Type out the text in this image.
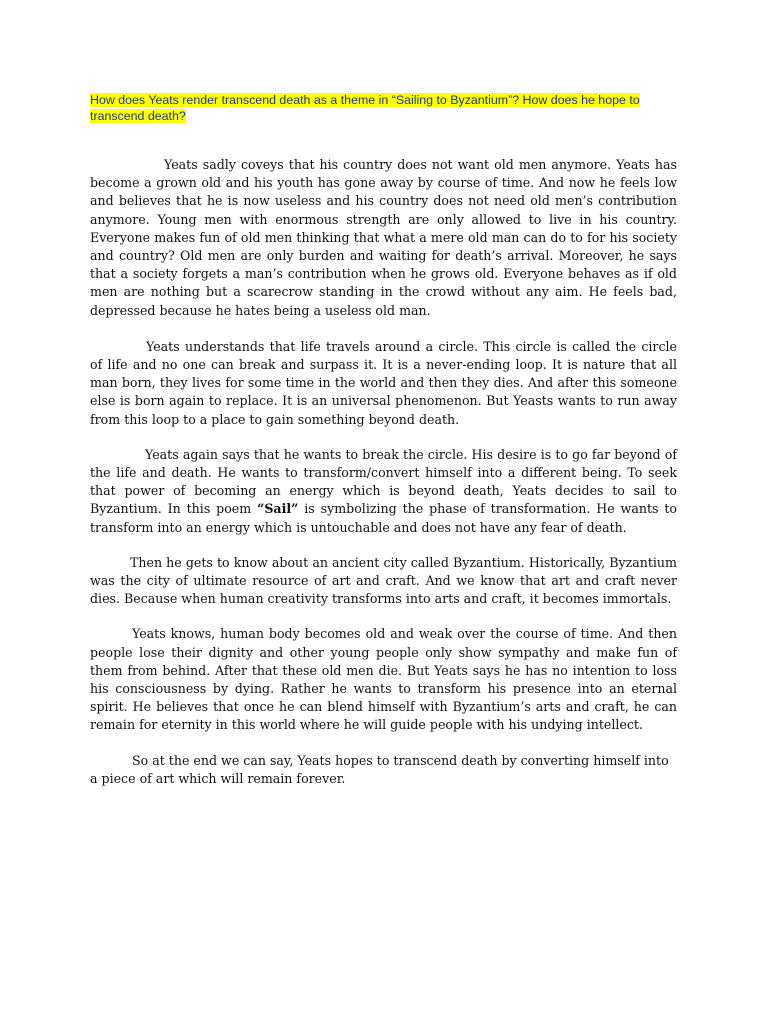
How does Yeats render transcend death as a theme in “Sailing to Byzantium”? How does he hope to transcend death?

Yeats sadly coveys that his country does not want old men anymore. Yeats has become a grown old and his youth has gone away by course of time. And now he feels low and believes that he is now useless and his country does not need old men’s contribution anymore. Young men with enormous strength are only allowed to live in his country. Everyone makes fun of old men thinking that what a mere old man can do to for his society and country? Old men are only burden and waiting for death’s arrival. Moreover, he says that a society forgets a man’s contribution when he grows old. Everyone behaves as if old men are nothing but a scarecrow standing in the crowd without any aim. He feels bad, depressed because he hates being a useless old man.

Yeats understands that life travels around a circle. This circle is called the circle of life and no one can break and surpass it. It is a never-ending loop. It is nature that all man born, they lives for some time in the world and then they dies. And after this someone else is born again to replace. It is an universal phenomenon. But Yeasts wants to run away from this loop to a place to gain something beyond death.

Yeats again says that he wants to break the circle. His desire is to go far beyond of the life and death. He wants to transform/convert himself into a different being. To seek that power of becoming an energy which is beyond death, Yeats decides to sail to Byzantium. In this poem “Sail” is symbolizing the phase of transformation. He wants to transform into an energy which is untouchable and does not have any fear of death.

Then he gets to know about an ancient city called Byzantium. Historically, Byzantium was the city of ultimate resource of art and craft. And we know that art and craft never dies. Because when human creativity transforms into arts and craft, it becomes immortals.

Yeats knows, human body becomes old and weak over the course of time. And then people lose their dignity and other young people only show sympathy and make fun of them from behind. After that these old men die. But Yeats says he has no intention to loss his consciousness by dying. Rather he wants to transform his presence into an eternal spirit. He believes that once he can blend himself with Byzantium’s arts and craft, he can remain for eternity in this world where he will guide people with his undying intellect.

So at the end we can say, Yeats hopes to transcend death by converting himself into a piece of art which will remain forever.
